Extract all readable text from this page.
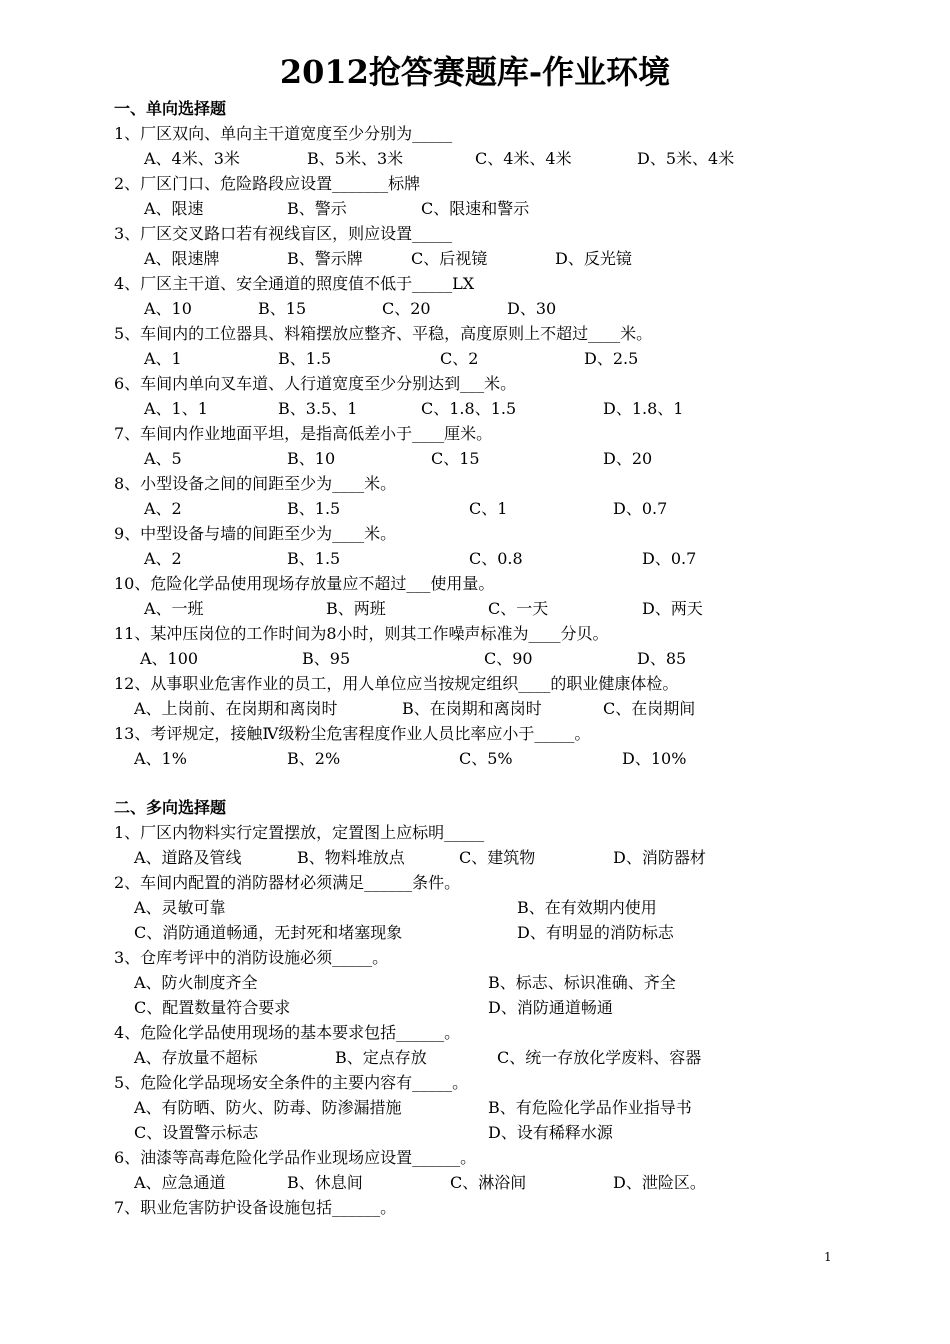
2012抢答赛题库-作业环境
一、单向选择题
1、厂区双向、单向主干道宽度至少分别为_____
A、4米、3米	B、5米、3米	C、4米、4米	D、5米、4米
2、厂区门口、危险路段应设置_______标牌
A、限速	B、警示	C、限速和警示
3、厂区交叉路口若有视线盲区，则应设置_____
A、限速牌	B、警示牌	C、后视镜	D、反光镜
4、厂区主干道、安全通道的照度值不低于_____LX
A、10	B、15	C、20	D、30
5、车间内的工位器具、料箱摆放应整齐、平稳，高度原则上不超过____米。
A、1	B、1.5	C、2	D、2.5
6、车间内单向叉车道、人行道宽度至少分别达到___米。
A、1、1	B、3.5、1	C、1.8、1.5	D、1.8、1
7、车间内作业地面平坦，是指高低差小于____厘米。
A、5	B、10	C、15	D、20
8、小型设备之间的间距至少为____米。
A、2	B、1.5	C、1	D、0.7
9、中型设备与墙的间距至少为____米。
A、2	B、1.5	C、0.8	D、0.7
10、危险化学品使用现场存放量应不超过___使用量。
A、一班	B、两班	C、一天	D、两天
11、某冲压岗位的工作时间为8小时，则其工作噪声标准为____分贝。
A、100	B、95	C、90	D、85
12、从事职业危害作业的员工，用人单位应当按规定组织____的职业健康体检。
A、上岗前、在岗期和离岗时	B、在岗期和离岗时	C、在岗期间
13、考评规定，接触Ⅳ级粉尘危害程度作业人员比率应小于_____。
A、1%	B、2%	C、5%	D、10%
二、多向选择题
1、厂区内物料实行定置摆放，定置图上应标明_____
A、道路及管线	B、物料堆放点	C、建筑物	D、消防器材
2、车间内配置的消防器材必须满足______条件。
A、灵敏可靠	B、在有效期内使用
C、消防通道畅通，无封死和堵塞现象	D、有明显的消防标志
3、仓库考评中的消防设施必须_____。
A、防火制度齐全	B、标志、标识准确、齐全
C、配置数量符合要求	D、消防通道畅通
4、危险化学品使用现场的基本要求包括______。
A、存放量不超标	B、定点存放	C、统一存放化学废料、容器
5、危险化学品现场安全条件的主要内容有_____。
A、有防晒、防火、防毒、防渗漏措施	B、有危险化学品作业指导书
C、设置警示标志	D、设有稀释水源
6、油漆等高毒危险化学品作业现场应设置______。
A、应急通道	B、休息间	C、淋浴间	D、泄险区。
7、职业危害防护设备设施包括______。
1
